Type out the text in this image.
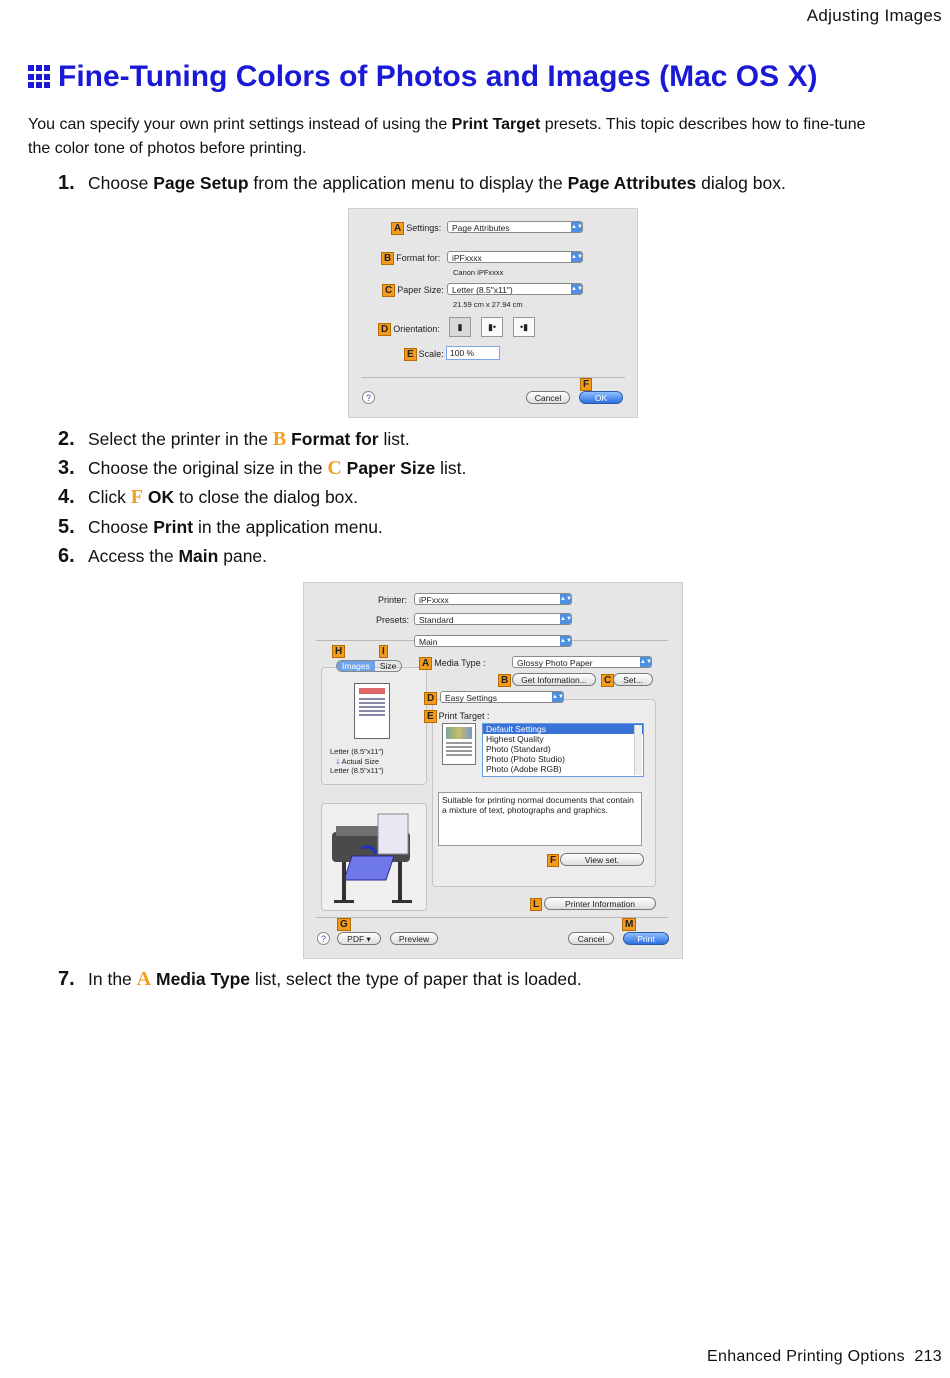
Adjusting Images
Fine-Tuning Colors of Photos and Images (Mac OS X)
You can specify your own print settings instead of using the Print Target presets. This topic describes how to fine-tune the color tone of photos before printing.
1. Choose
Page Setup
from the application menu to display the
Page Attributes
dialog box.
A Settings:	Page Attributes	▲▼
B Format for:	iPFxxxx	▲▼
Canon iPFxxxx
C Paper Size: Letter (8.5"x11")	▲▼
21.59 cm x 27.94 cm
D Orientation:	▮	▮•	•▮
E Scale: 100 %
F
?	Cancel	OK
2. Select the printer in the
B
Format for
list.
3. Choose the original size in the
C
Paper Size
list.
4. Click
F
OK
to close the dialog box.
5. Choose
Print
in the application menu.
6. Access the
Main
pane.
Printer:	iPFxxxx	▲▼
Presets:	Standard	▲▼
Main	▲▼
H	I
Images	Size
Letter (8.5"x11")
🡓 Actual Size
Letter (8.5"x11")
A Media Type :	Glossy Photo Paper	▲▼
B	Get Information...	C	Set...
D	Easy Settings	▲▼
E Print Target :
Default Settings
Highest Quality
Photo (Standard)
Photo (Photo Studio)
Photo (Adobe RGB)
Suitable for printing normal documents that contain a mixture of text, photographs and graphics.
F	View set.
L	Printer Information
G	M
?	PDF ▾	Preview	Cancel	Print
7. In the
A
Media Type
list, select the type of paper that is loaded.
Enhanced Printing Options 213
